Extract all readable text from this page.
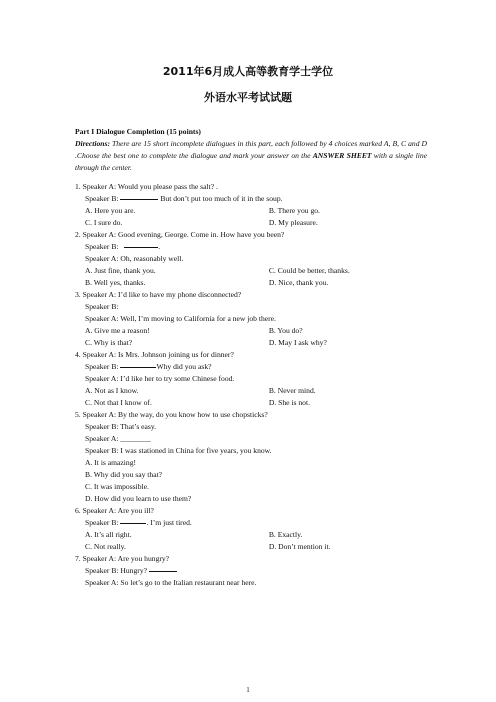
2011年6月成人高等教育学士学位
外语水平考试试题
Part I Dialogue Completion (15 points)
Directions: There are 15 short incomplete dialogues in this part, each followed by 4 choices marked A, B, C and D .Choose the best one to complete the dialogue and mark your answer on the ANSWER SHEET with a single line through the center.
1. Speaker A: Would you please pass the salt? .
Speaker B:	But don’t put too much of it in the soup.
A. Here you are.	B. There you go.
C. I sure do.	D. My pleasure.
2. Speaker A: Good evening, George. Come in. How have you been?
Speaker B:	.
Speaker A: Oh, reasonably well.
A. Just fine, thank you.	C. Could be better, thanks.
B. Well yes, thanks.	D. Nice, thank you.
3. Speaker A: I’d like to have my phone disconnected?
Speaker B:
Speaker A: Well, I’m moving to California for a new job there.
A. Give me a reason!	B. You do?
C. Why is that?	D. May I ask why?
4. Speaker A: Is Mrs. Johnson joining us for dinner?
Speaker B:	Why did you ask?
Speaker A: I’d like her to try some Chinese food.
A. Not as I know.	B. Never mind.
C. Not that I know of.	D. She is not.
5. Speaker A: By the way, do you know how to use chopsticks?
Speaker B: That’s easy.
Speaker A: ________
Speaker B: I was stationed in China for five years, you know.
A. It is amazing!
B. Why did you say that?
C. It was impossible.
D. How did you learn to use them?
6. Speaker A: Are you ill?
Speaker B:	. I’m just tired.
A. It’s all right.	B. Exactly.
C. Not really.	D. Don’t mention it.
7. Speaker A: Are you hungry?
Speaker B: Hungry?
Speaker A: So let’s go to the Italian restaurant near here.
1
